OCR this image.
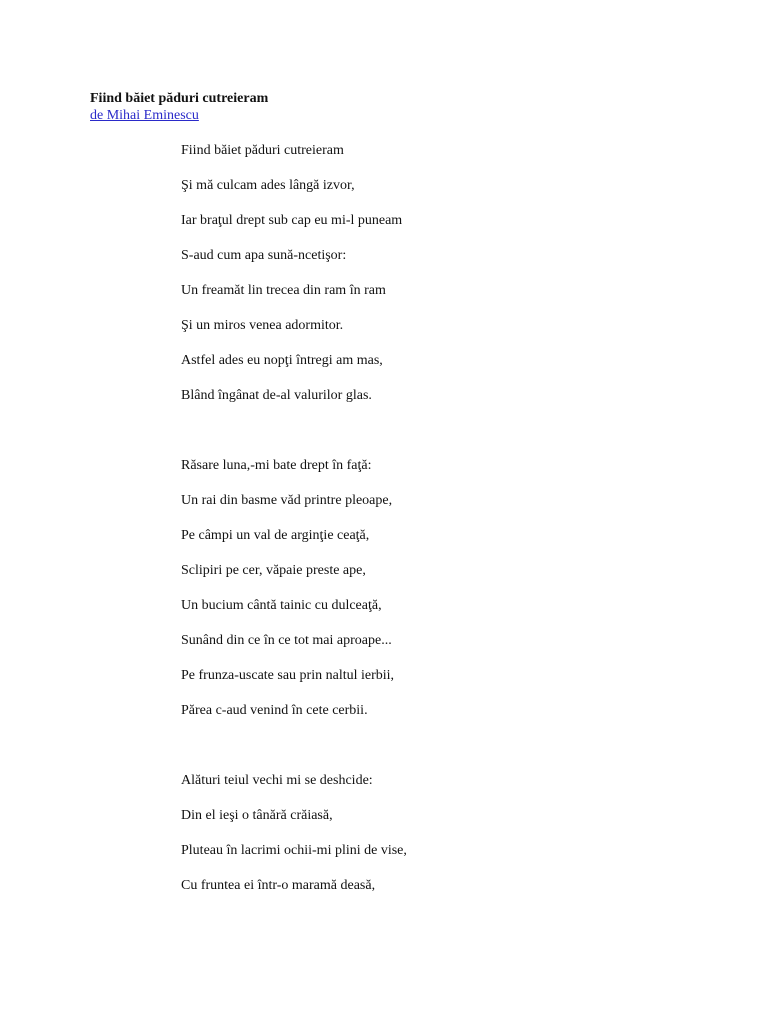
Fiind băiet păduri cutreieram
de Mihai Eminescu

Fiind băiet păduri cutreieram

Şi mă culcam ades lângă izvor,

Iar braţul drept sub cap eu mi-l puneam

S-aud cum apa sună-ncetişor:

Un freamăt lin trecea din ram în ram

Şi un miros venea adormitor.

Astfel ades eu nopţi întregi am mas,

Blând îngânat de-al valurilor glas.

Răsare luna,-mi bate drept în faţă:

Un rai din basme văd printre pleoape,

Pe câmpi un val de arginţie ceaţă,

Sclipiri pe cer, văpaie preste ape,

Un bucium cântă tainic cu dulceaţă,

Sunând din ce în ce tot mai aproape...

Pe frunza-uscate sau prin naltul ierbii,

Părea c-aud venind în cete cerbii.

Alături teiul vechi mi se deshcide:

Din el ieşi o tânără crăiasă,

Pluteau în lacrimi ochii-mi plini de vise,

Cu fruntea ei într-o maramă deasă,
